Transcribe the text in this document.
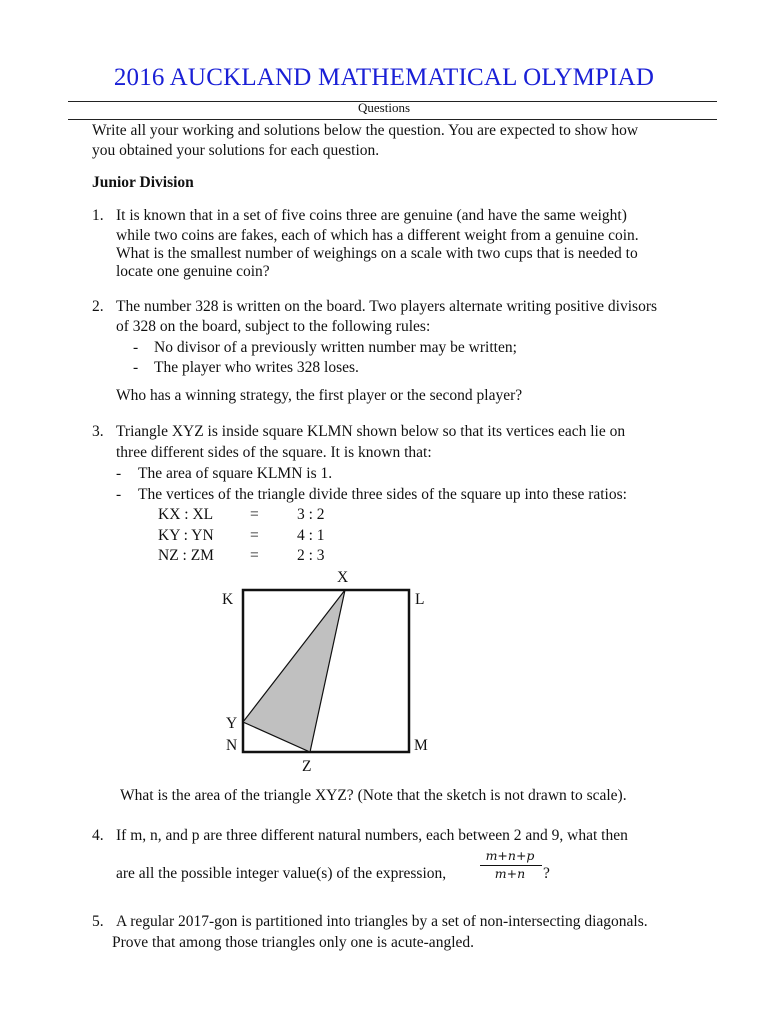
2016 AUCKLAND MATHEMATICAL OLYMPIAD
Questions
Write all your working and solutions below the question. You are expected to show how
you obtained your solutions for each question.
Junior Division
1. It is known that in a set of five coins three are genuine (and have the same weight)
while two coins are fakes, each of which has a different weight from a genuine coin.
What is the smallest number of weighings on a scale with two cups that is needed to
locate one genuine coin?
2. The number 328 is written on the board. Two players alternate writing positive divisors
of 328 on the board, subject to the following rules:
- No divisor of a previously written number may be written;
- The player who writes 328 loses.
Who has a winning strategy, the first player or the second player?
3. Triangle XYZ is inside square KLMN shown below so that its vertices each lie on
three different sides of the square. It is known that:
- The area of square KLMN is 1.
- The vertices of the triangle divide three sides of the square up into these ratios:
KX : XL = 3 : 2
KY : YN = 4 : 1
NZ : ZM = 2 : 3
X
K	L
Y
N	M
Z
What is the area of the triangle XYZ? (Note that the sketch is not drawn to scale).
4. If m, n, and p are three different natural numbers, each between 2 and 9, what then
are all the possible integer value(s) of the expression,
m+n+p
m+n	?
5. A regular 2017-gon is partitioned into triangles by a set of non-intersecting diagonals.
Prove that among those triangles only one is acute-angled.
